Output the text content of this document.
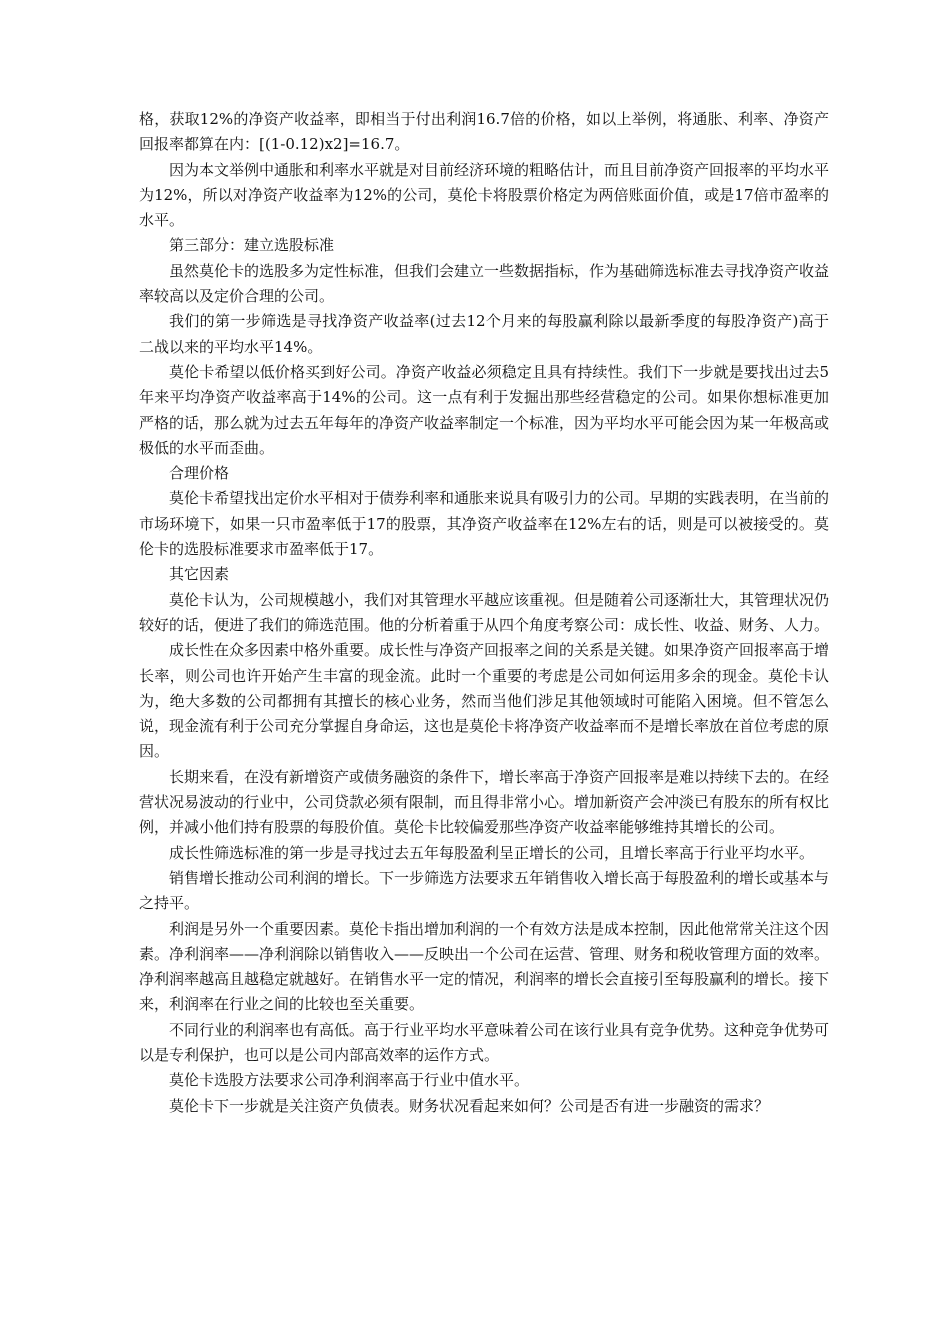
格，获取12%的净资产收益率，即相当于付出利润16.7倍的价格，如以上举例，将通胀、利率、净资产回报率都算在内：[(1-0.12)x2]=16.7。

因为本文举例中通胀和利率水平就是对目前经济环境的粗略估计，而且目前净资产回报率的平均水平为12%，所以对净资产收益率为12%的公司，莫伦卡将股票价格定为两倍账面价值，或是17倍市盈率的水平。

第三部分：建立选股标准

虽然莫伦卡的选股多为定性标准，但我们会建立一些数据指标，作为基础筛选标准去寻找净资产收益率较高以及定价合理的公司。

我们的第一步筛选是寻找净资产收益率(过去12个月来的每股赢利除以最新季度的每股净资产)高于二战以来的平均水平14%。

莫伦卡希望以低价格买到好公司。净资产收益必须稳定且具有持续性。我们下一步就是要找出过去5年来平均净资产收益率高于14%的公司。这一点有利于发掘出那些经营稳定的公司。如果你想标准更加严格的话，那么就为过去五年每年的净资产收益率制定一个标准，因为平均水平可能会因为某一年极高或极低的水平而歪曲。

合理价格

莫伦卡希望找出定价水平相对于债券利率和通胀来说具有吸引力的公司。早期的实践表明，在当前的市场环境下，如果一只市盈率低于17的股票，其净资产收益率在12%左右的话，则是可以被接受的。莫伦卡的选股标准要求市盈率低于17。

其它因素

莫伦卡认为，公司规模越小，我们对其管理水平越应该重视。但是随着公司逐渐壮大，其管理状况仍较好的话，便进了我们的筛选范围。他的分析着重于从四个角度考察公司：成长性、收益、财务、人力。

成长性在众多因素中格外重要。成长性与净资产回报率之间的关系是关键。如果净资产回报率高于增长率，则公司也许开始产生丰富的现金流。此时一个重要的考虑是公司如何运用多余的现金。莫伦卡认为，绝大多数的公司都拥有其擅长的核心业务，然而当他们涉足其他领域时可能陷入困境。但不管怎么说，现金流有利于公司充分掌握自身命运，这也是莫伦卡将净资产收益率而不是增长率放在首位考虑的原因。

长期来看，在没有新增资产或债务融资的条件下，增长率高于净资产回报率是难以持续下去的。在经营状况易波动的行业中，公司贷款必须有限制，而且得非常小心。增加新资产会冲淡已有股东的所有权比例，并减小他们持有股票的每股价值。莫伦卡比较偏爱那些净资产收益率能够维持其增长的公司。

成长性筛选标准的第一步是寻找过去五年每股盈利呈正增长的公司，且增长率高于行业平均水平。

销售增长推动公司利润的增长。下一步筛选方法要求五年销售收入增长高于每股盈利的增长或基本与之持平。

利润是另外一个重要因素。莫伦卡指出增加利润的一个有效方法是成本控制，因此他常常关注这个因素。净利润率——净利润除以销售收入——反映出一个公司在运营、管理、财务和税收管理方面的效率。净利润率越高且越稳定就越好。在销售水平一定的情况，利润率的增长会直接引至每股赢利的增长。接下来，利润率在行业之间的比较也至关重要。

不同行业的利润率也有高低。高于行业平均水平意味着公司在该行业具有竞争优势。这种竞争优势可以是专利保护，也可以是公司内部高效率的运作方式。

莫伦卡选股方法要求公司净利润率高于行业中值水平。

莫伦卡下一步就是关注资产负债表。财务状况看起来如何？公司是否有进一步融资的需求？
